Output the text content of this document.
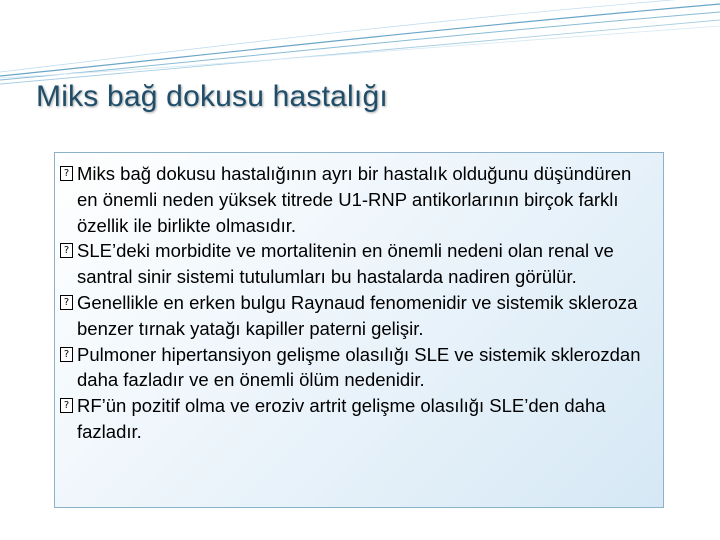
Miks bağ dokusu hastalığı
? Miks bağ dokusu hastalığının ayrı bir hastalık olduğunu düşündüren en önemli neden yüksek titrede U1-RNP antikorlarının birçok farklı özellik ile birlikte olmasıdır.
? SLE’deki morbidite ve mortalitenin en önemli nedeni olan renal ve santral sinir sistemi tutulumları bu hastalarda nadiren görülür.
? Genellikle en erken bulgu Raynaud fenomenidir ve sistemik skleroza benzer tırnak yatağı kapiller paterni gelişir.
? Pulmoner hipertansiyon gelişme olasılığı SLE ve sistemik sklerozdan daha fazladır ve en önemli ölüm nedenidir.
? RF’ün pozitif olma ve eroziv artrit gelişme olasılığı SLE’den daha fazladır.
